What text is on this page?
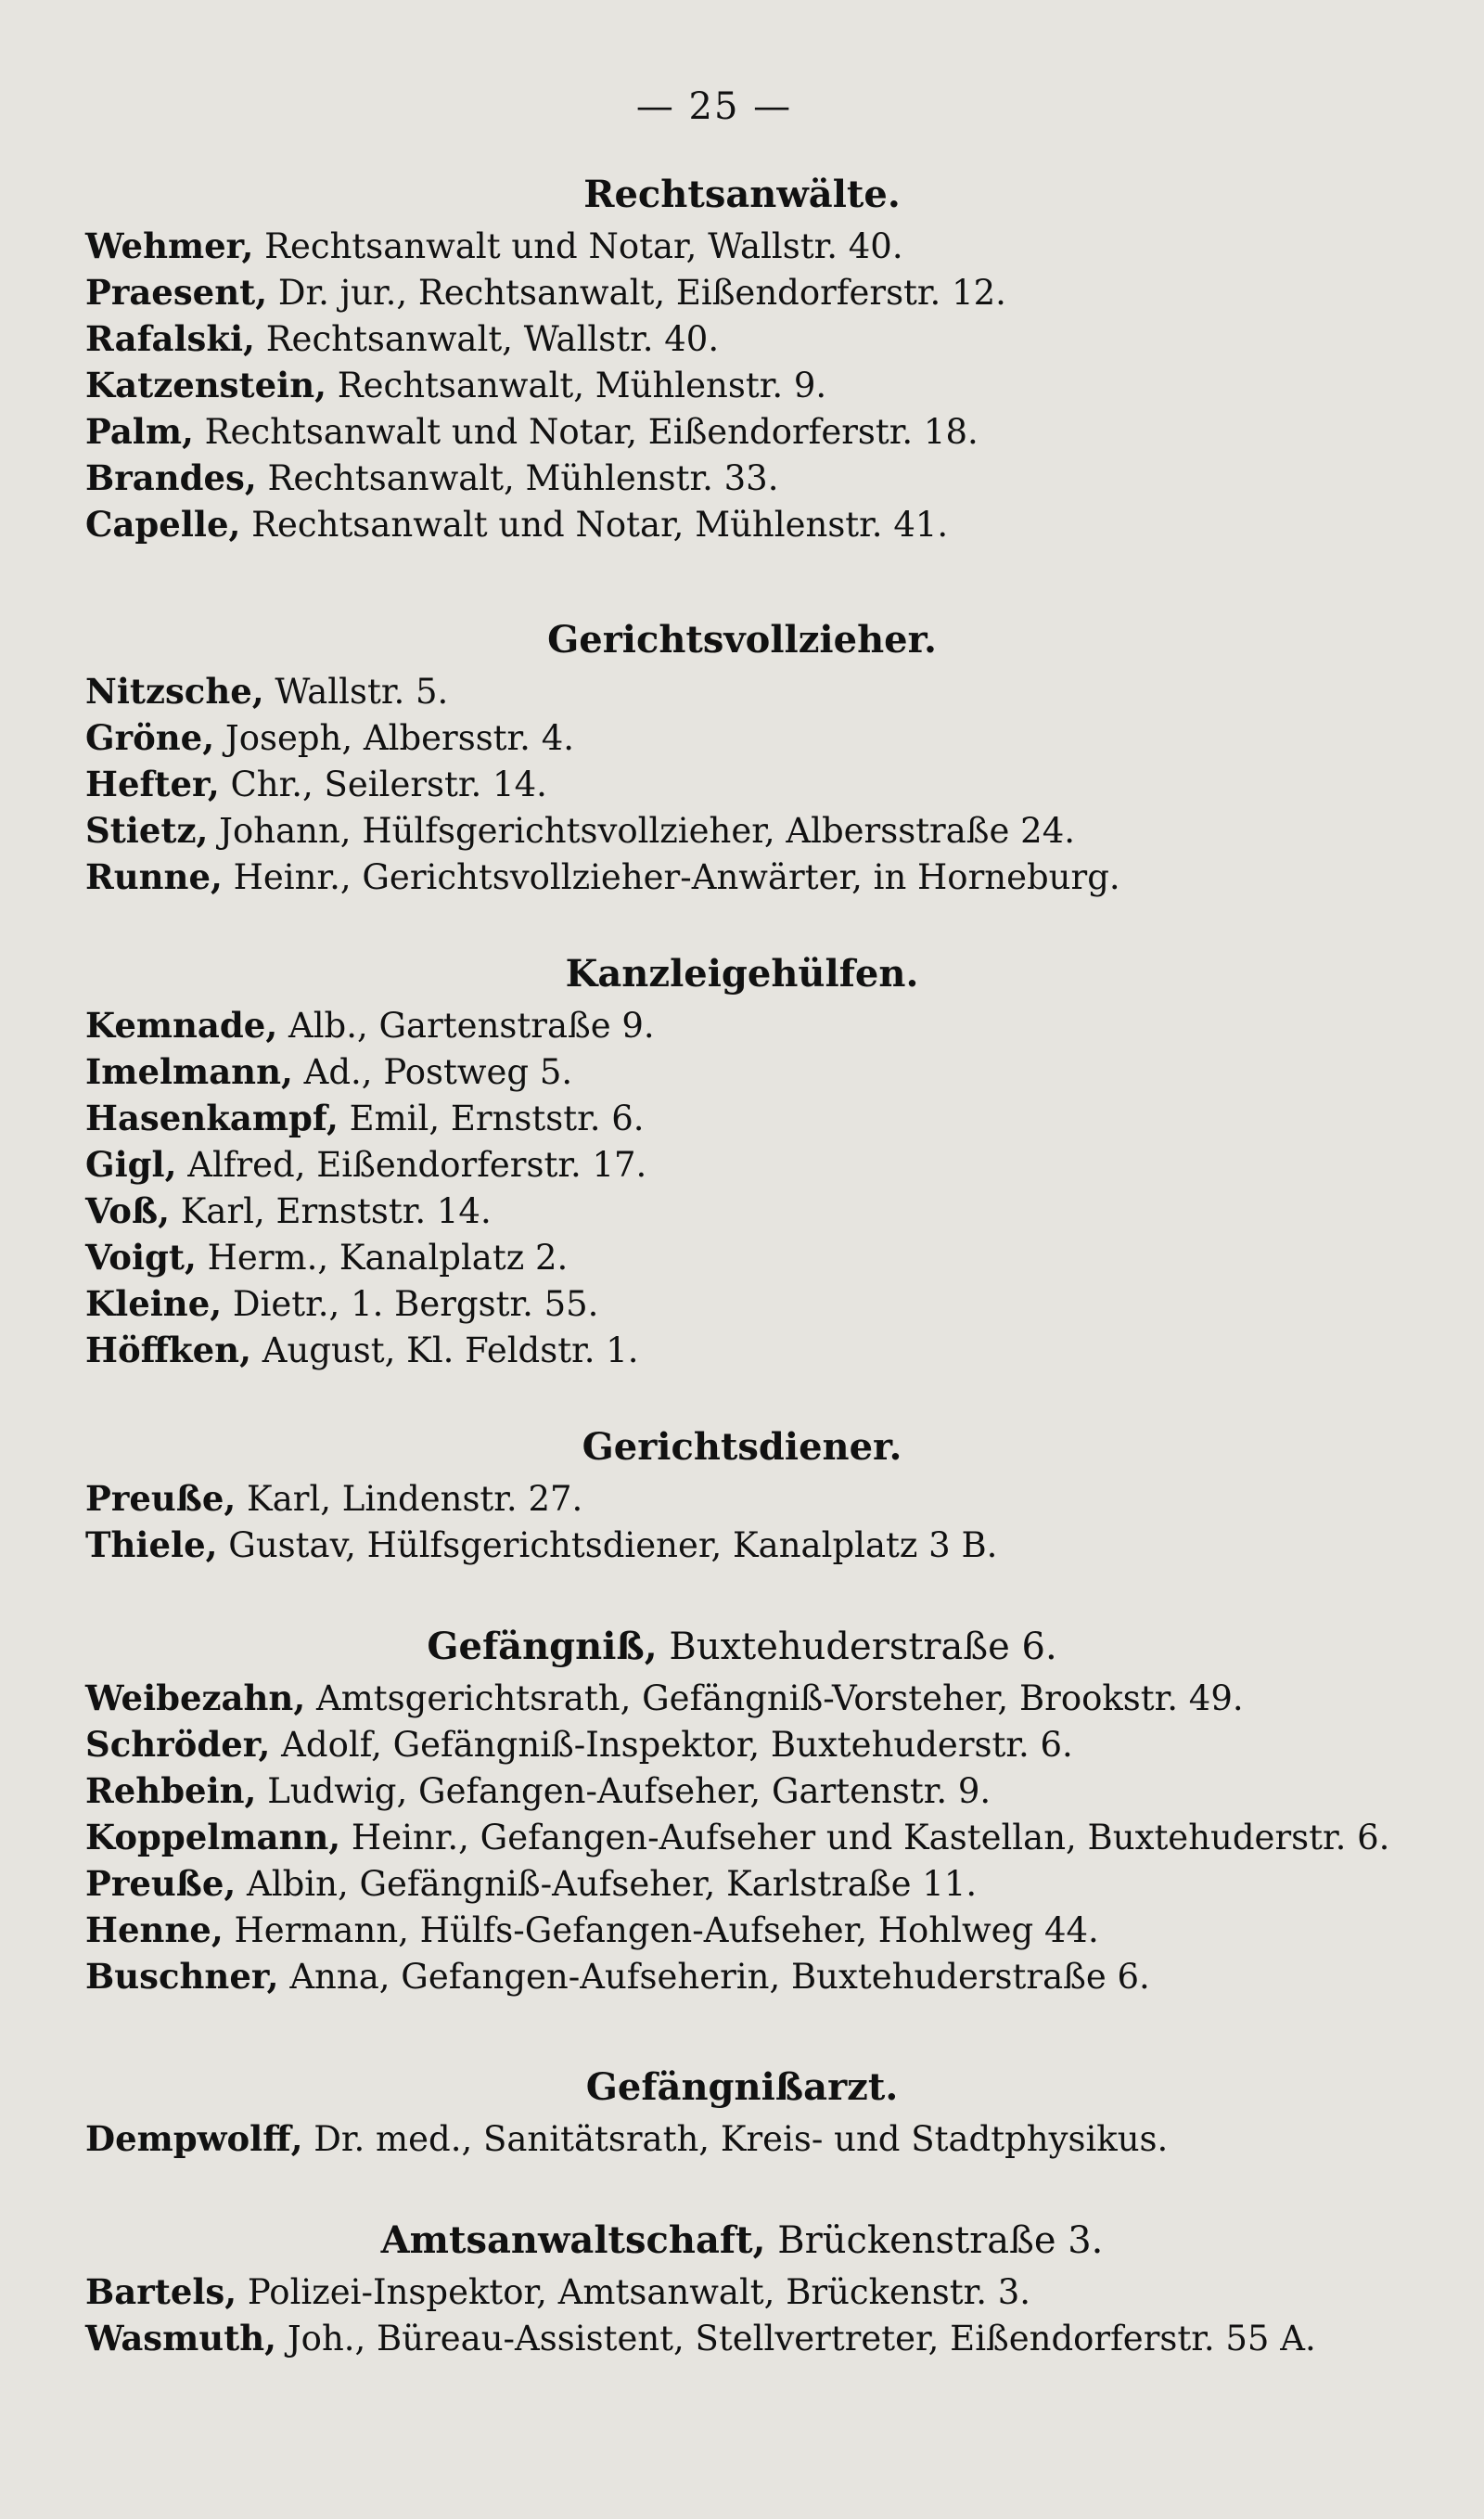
— 25 —
Rechtsanwälte.
Wehmer, Rechtsanwalt und Notar, Wallstr. 40.
Praesent, Dr. jur., Rechtsanwalt, Eißendorferstr. 12.
Rafalski, Rechtsanwalt, Wallstr. 40.
Katzenstein, Rechtsanwalt, Mühlenstr. 9.
Palm, Rechtsanwalt und Notar, Eißendorferstr. 18.
Brandes, Rechtsanwalt, Mühlenstr. 33.
Capelle, Rechtsanwalt und Notar, Mühlenstr. 41.
Gerichtsvollzieher.
Nitzsche, Wallstr. 5.
Gröne, Joseph, Albersstr. 4.
Hefter, Chr., Seilerstr. 14.
Stietz, Johann, Hülfsgerichtsvollzieher, Albersstraße 24.
Runne, Heinr., Gerichtsvollzieher-Anwärter, in Horneburg.
Kanzleigehülfen.
Kemnade, Alb., Gartenstraße 9.
Imelmann, Ad., Postweg 5.
Hasenkampf, Emil, Ernststr. 6.
Gigl, Alfred, Eißendorferstr. 17.
Voß, Karl, Ernststr. 14.
Voigt, Herm., Kanalplatz 2.
Kleine, Dietr., 1. Bergstr. 55.
Höffken, August, Kl. Feldstr. 1.
Gerichtsdiener.
Preuße, Karl, Lindenstr. 27.
Thiele, Gustav, Hülfsgerichtsdiener, Kanalplatz 3 B.
Gefängniß, Buxtehuderstraße 6.
Weibezahn, Amtsgerichtsrath, Gefängniß-Vorsteher, Brookstr. 49.
Schröder, Adolf, Gefängniß-Inspektor, Buxtehuderstr. 6.
Rehbein, Ludwig, Gefangen-Aufseher, Gartenstr. 9.
Koppelmann, Heinr., Gefangen-Aufseher und Kastellan, Buxtehuderstr. 6.
Preuße, Albin, Gefängniß-Aufseher, Karlstraße 11.
Henne, Hermann, Hülfs-Gefangen-Aufseher, Hohlweg 44.
Buschner, Anna, Gefangen-Aufseherin, Buxtehuderstraße 6.
Gefängnißarzt.
Dempwolff, Dr. med., Sanitätsrath, Kreis- und Stadtphysikus.
Amtsanwaltschaft, Brückenstraße 3.
Bartels, Polizei-Inspektor, Amtsanwalt, Brückenstr. 3.
Wasmuth, Joh., Büreau-Assistent, Stellvertreter, Eißendorferstr. 55 A.
